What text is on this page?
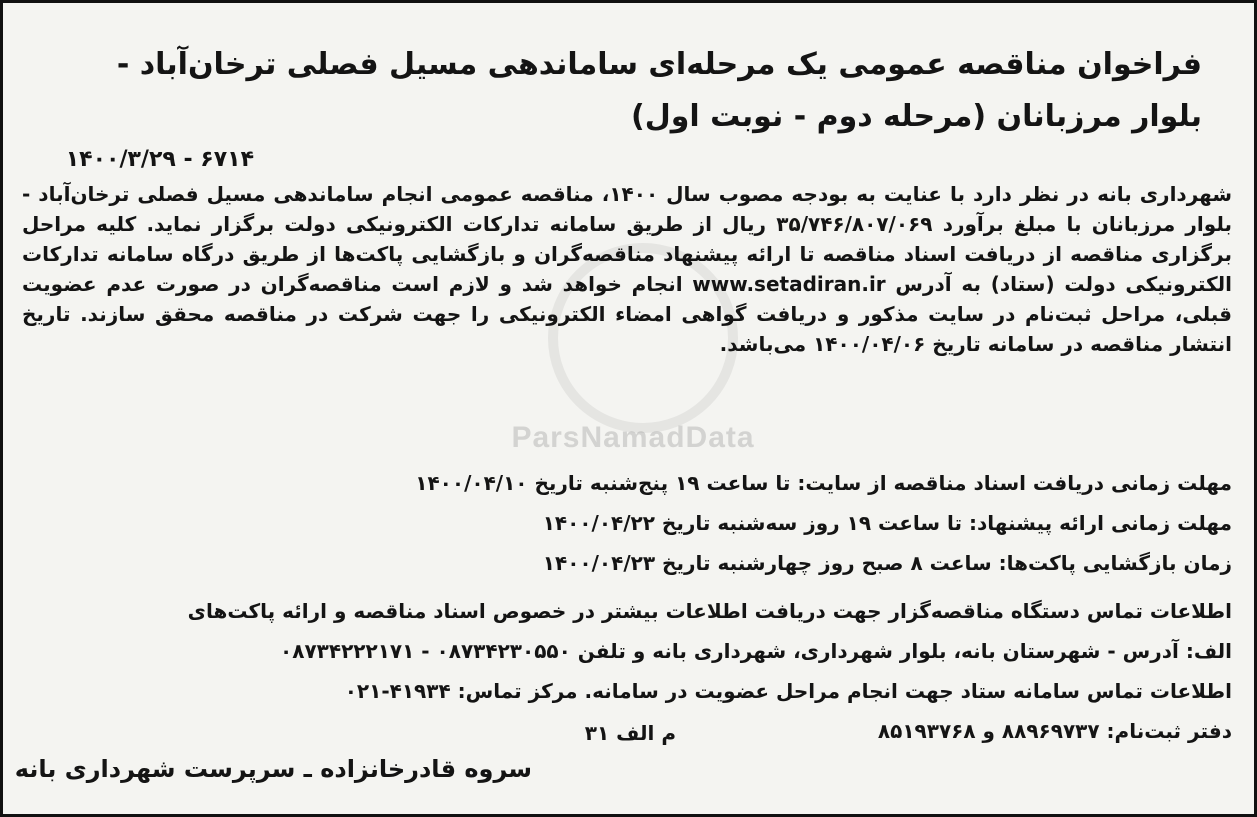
ParsNamadData
فراخوان مناقصه عمومی یک مرحله‌ای ساماندهی مسیل فصلی ترخان‌آباد - بلوار مرزبانان (مرحله دوم - نوبت اول)
۶۷۱۴ - ۱۴۰۰/۳/۲۹
شهرداری بانه در نظر دارد با عنایت به بودجه مصوب سال ۱۴۰۰، مناقصه عمومی انجام ساماندهی مسیل فصلی ترخان‌آباد - بلوار مرزبانان با مبلغ برآورد ۳۵/۷۴۶/۸۰۷/۰۶۹ ریال از طریق سامانه تدارکات الکترونیکی دولت برگزار نماید. کلیه مراحل برگزاری مناقصه از دریافت اسناد مناقصه تا ارائه پیشنهاد مناقصه‌گران و بازگشایی پاکت‌ها از طریق درگاه سامانه تدارکات الکترونیکی دولت (ستاد) به آدرس www.setadiran.ir انجام خواهد شد و لازم است مناقصه‌گران در صورت عدم عضویت قبلی، مراحل ثبت‌نام در سایت مذکور و دریافت گواهی امضاء الکترونیکی را جهت شرکت در مناقصه محقق سازند. تاریخ انتشار مناقصه در سامانه تاریخ ۱۴۰۰/۰۴/۰۶ می‌باشد.
مهلت زمانی دریافت اسناد مناقصه از سایت: تا ساعت ۱۹ پنج‌شنبه تاریخ ۱۴۰۰/۰۴/۱۰
مهلت زمانی ارائه پیشنهاد: تا ساعت ۱۹ روز سه‌شنبه تاریخ ۱۴۰۰/۰۴/۲۲
زمان بازگشایی پاکت‌ها: ساعت ۸ صبح روز چهارشنبه تاریخ ۱۴۰۰/۰۴/۲۳
اطلاعات تماس دستگاه مناقصه‌گزار جهت دریافت اطلاعات بیشتر در خصوص اسناد مناقصه و ارائه پاکت‌های
الف: آدرس - شهرستان بانه، بلوار شهرداری، شهرداری بانه و تلفن ۰۸۷۳۴۲۳۰۵۵۰ - ۰۸۷۳۴۲۲۲۱۷۱
اطلاعات تماس سامانه ستاد جهت انجام مراحل عضویت در سامانه. مرکز تماس: ۴۱۹۳۴-۰۲۱
دفتر ثبت‌نام: ۸۸۹۶۹۷۳۷ و ۸۵۱۹۳۷۶۸
م الف ۳۱
سروه قادرخانزاده ـ سرپرست شهرداری بانه
